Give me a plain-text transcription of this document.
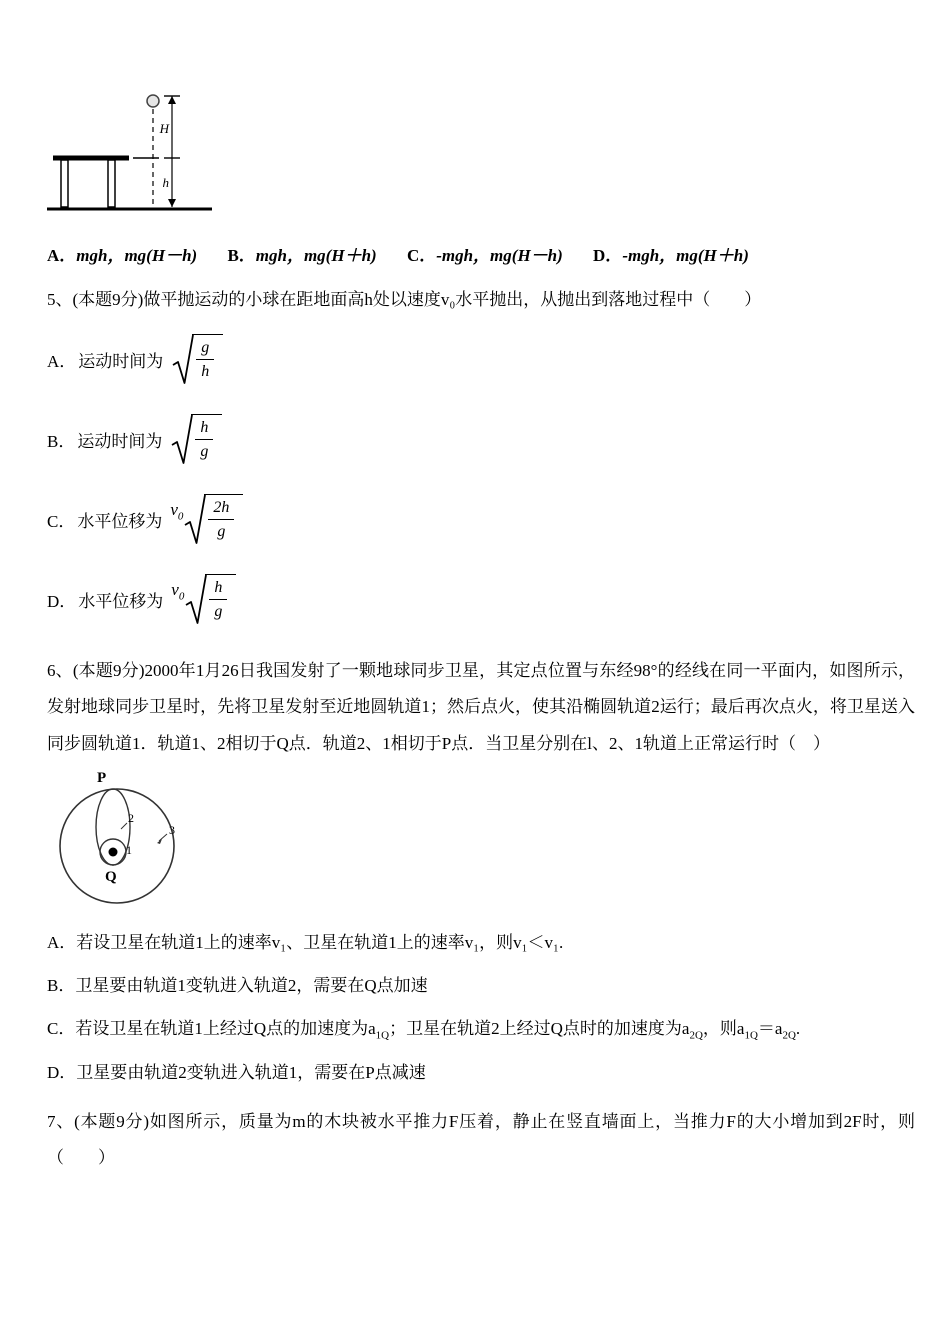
H
h
A．mgh，mg(H－h) B．mgh，mg(H＋h) C．-mgh，mg(H－h) D．-mgh，mg(H＋h)
5、(本题9分)做平抛运动的小球在距地面高h处以速度v₀水平抛出，从抛出到落地过程中（　　）
A． 运动时间为
g
h
B． 运动时间为
h
g
C． 水平位移为
$v_0$
2h
g
D． 水平位移为
$v_0$
h
g
6、(本题9分)2000年1月26日我国发射了一颗地球同步卫星，其定点位置与东经98°的经线在同一平面内，如图所示，发射地球同步卫星时，先将卫星发射至近地圆轨道1；然后点火，使其沿椭圆轨道2运行；最后再次点火，将卫星送入同步圆轨道1．轨道1、2相切于Q点．轨道2、1相切于P点．当卫星分别在l、2、1轨道上正常运行时（　）
P
Q
2
1
3
A．若设卫星在轨道1上的速率v₁、卫星在轨道1上的速率v₁，则v₁＜v₁.
B．卫星要由轨道1变轨进入轨道2，需要在Q点加速
C．若设卫星在轨道1上经过Q点的加速度为$a_{1Q}$；卫星在轨道2上经过Q点时的加速度为$a_{2Q}$，则$a_{1Q}=a_{2Q}$.
D．卫星要由轨道2变轨进入轨道1，需要在P点减速
7、(本题9分)如图所示，质量为m的木块被水平推力F压着，静止在竖直墙面上，当推力F的大小增加到2F时，则（　　）
